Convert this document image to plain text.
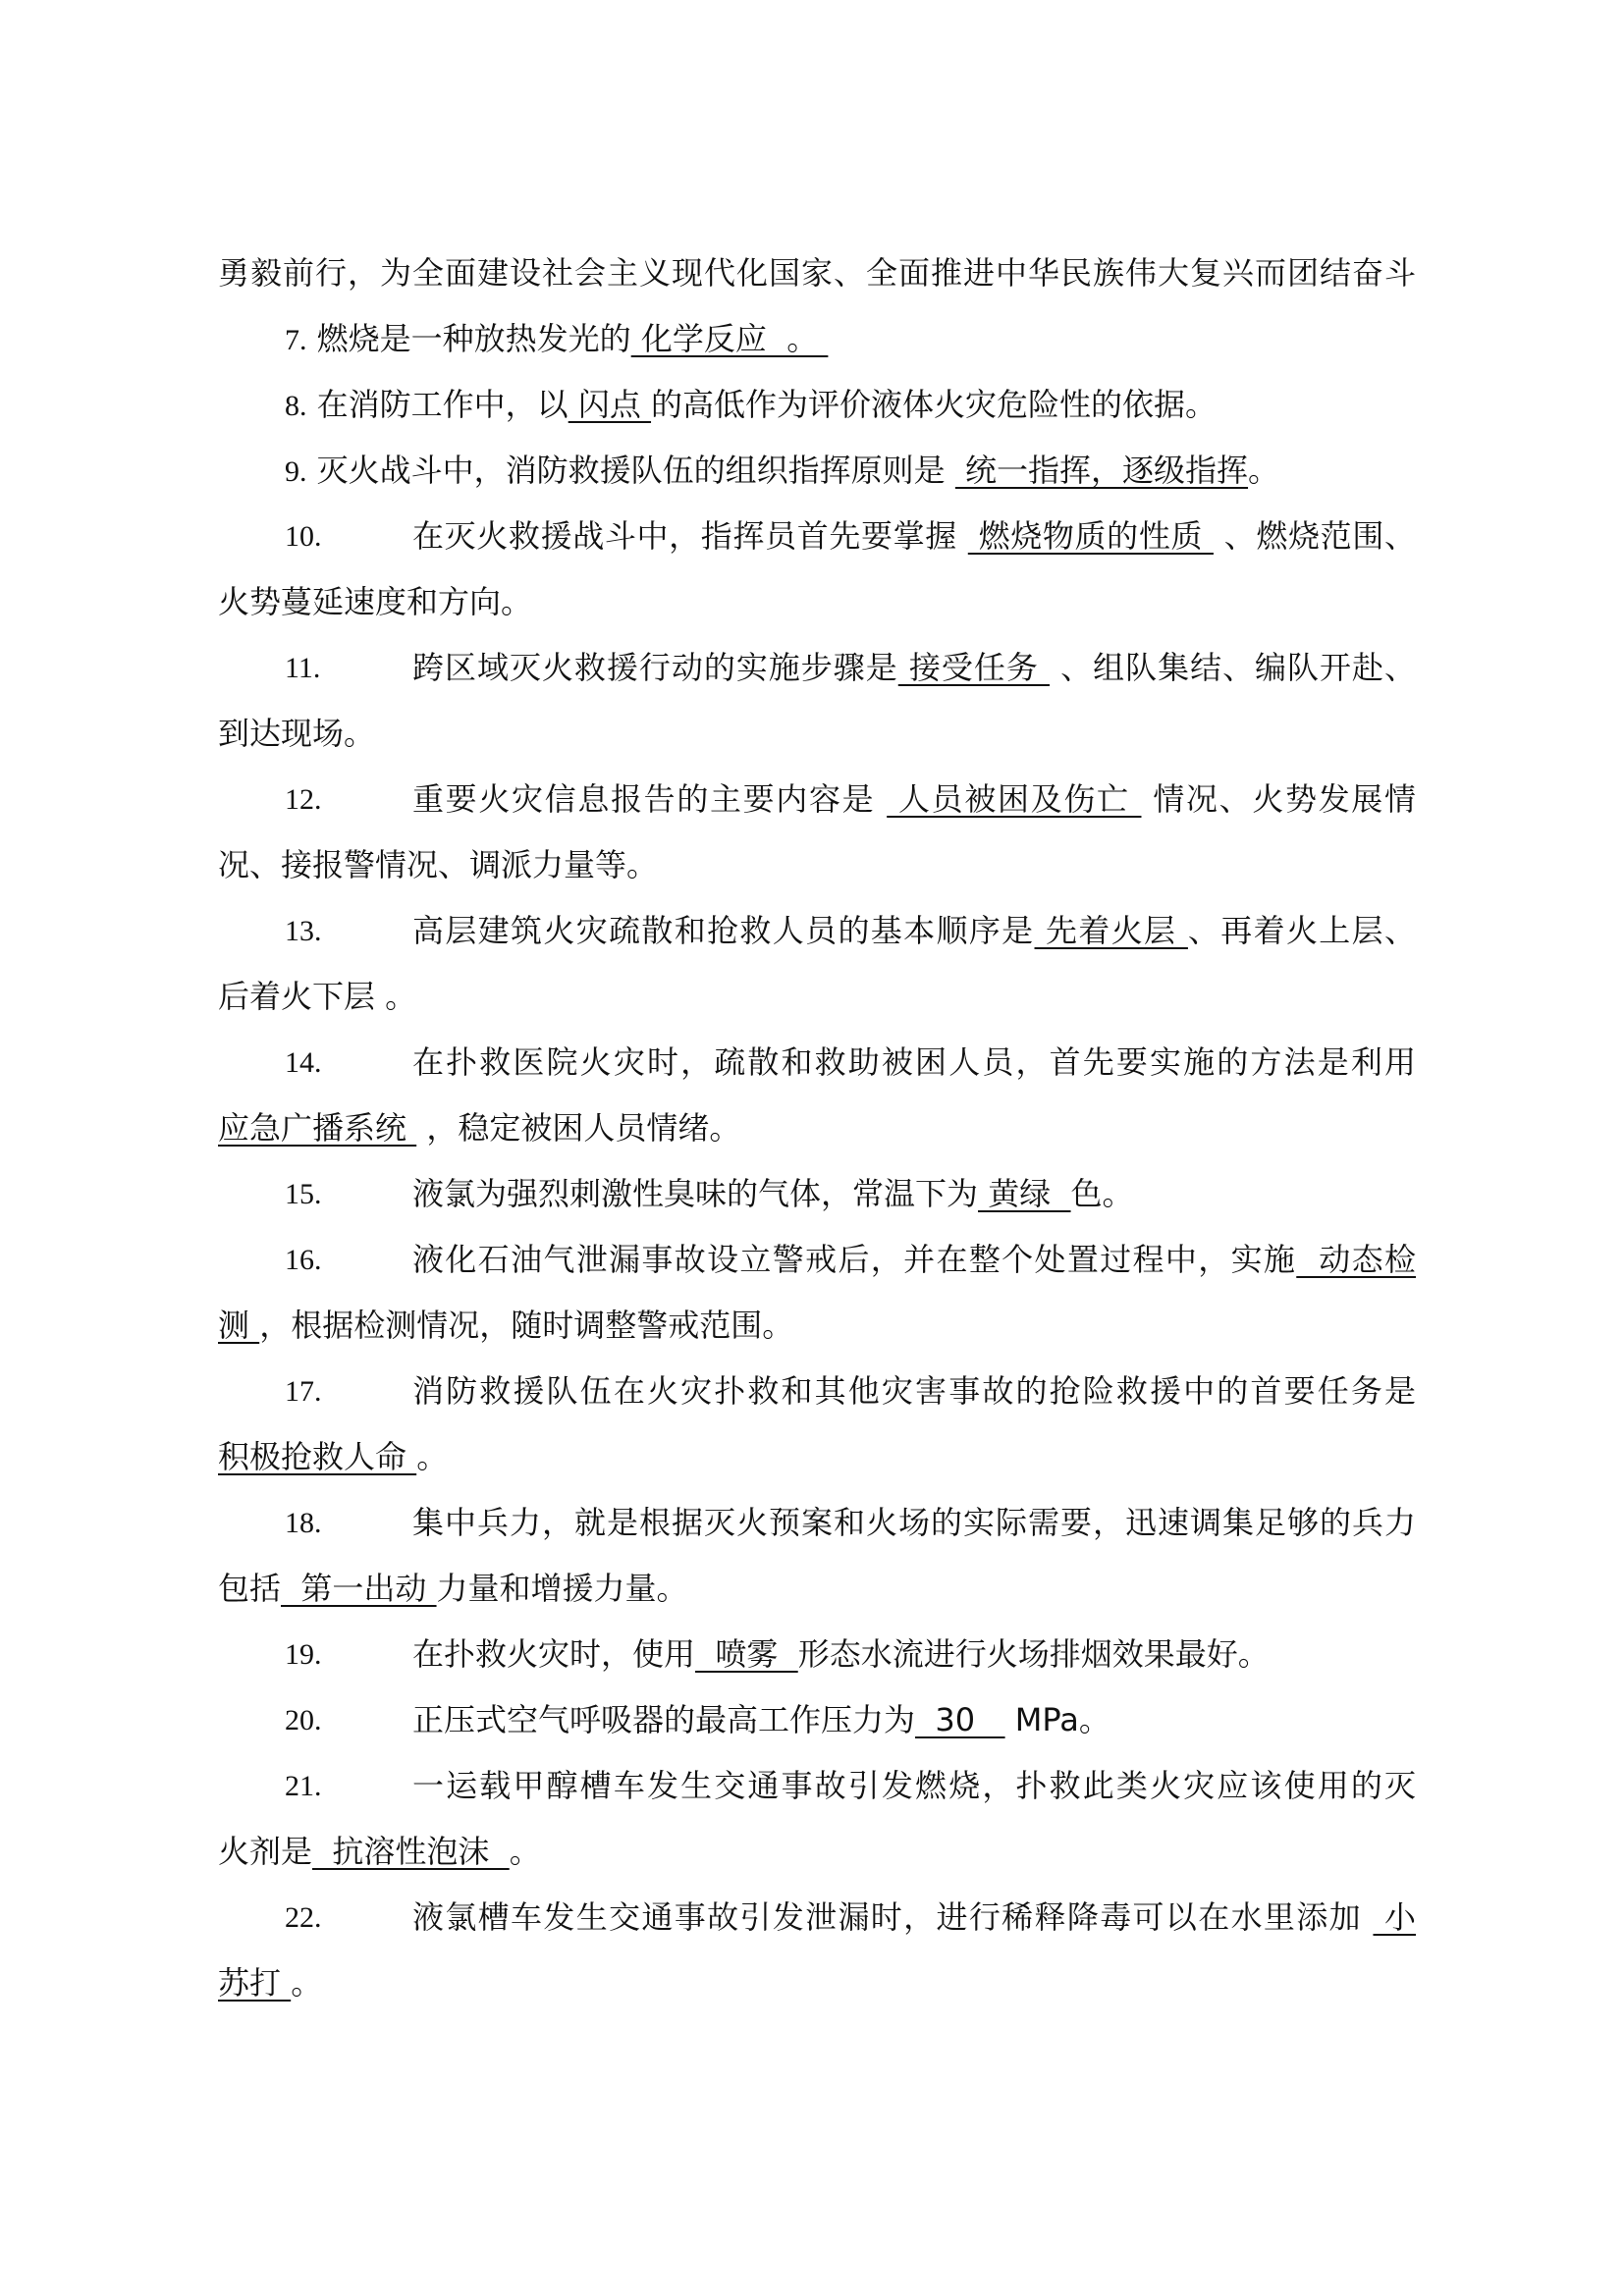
勇毅前行，为全面建设社会主义现代化国家、全面推进中华民族伟大复兴而团结奋斗
7. 燃烧是一种放热发光的 化学反应  。
8. 在消防工作中，以 闪点 的高低作为评价液体火灾危险性的依据。
9. 灭火战斗中，消防救援队伍的组织指挥原则是  统一指挥，逐级指挥。
10.	在灭火救援战斗中，指挥员首先要掌握  燃烧物质的性质  、燃烧范围、
火势蔓延速度和方向。
11.	跨区域灭火救援行动的实施步骤是 接受任务  、组队集结、编队开赴、
到达现场。
12.	重要火灾信息报告的主要内容是  人员被困及伤亡  情况、火势发展情
况、接报警情况、调派力量等。
13.	高层建筑火灾疏散和抢救人员的基本顺序是 先着火层 、再着火上层、
后着火下层 。
14.	在扑救医院火灾时，疏散和救助被困人员，首先要实施的方法是利用
应急广播系统  ，稳定被困人员情绪。
15.	液氯为强烈刺激性臭味的气体，常温下为 黄绿  色。
16.	液化石油气泄漏事故设立警戒后，并在整个处置过程中，实施  动态检
测 ，根据检测情况，随时调整警戒范围。
17.	消防救援队伍在火灾扑救和其他灾害事故的抢险救援中的首要任务是
积极抢救人命 。
18.	集中兵力，就是根据灭火预案和火场的实际需要，迅速调集足够的兵力
包括  第一出动 力量和增援力量。
19.	在扑救火灾时，使用  喷雾  形态水流进行火场排烟效果最好。
20.	正压式空气呼吸器的最高工作压力为  30    MPa。
21.	一运载甲醇槽车发生交通事故引发燃烧，扑救此类火灾应该使用的灭
火剂是  抗溶性泡沫  。
22.	液氯槽车发生交通事故引发泄漏时，进行稀释降毒可以在水里添加  小
苏打 。
